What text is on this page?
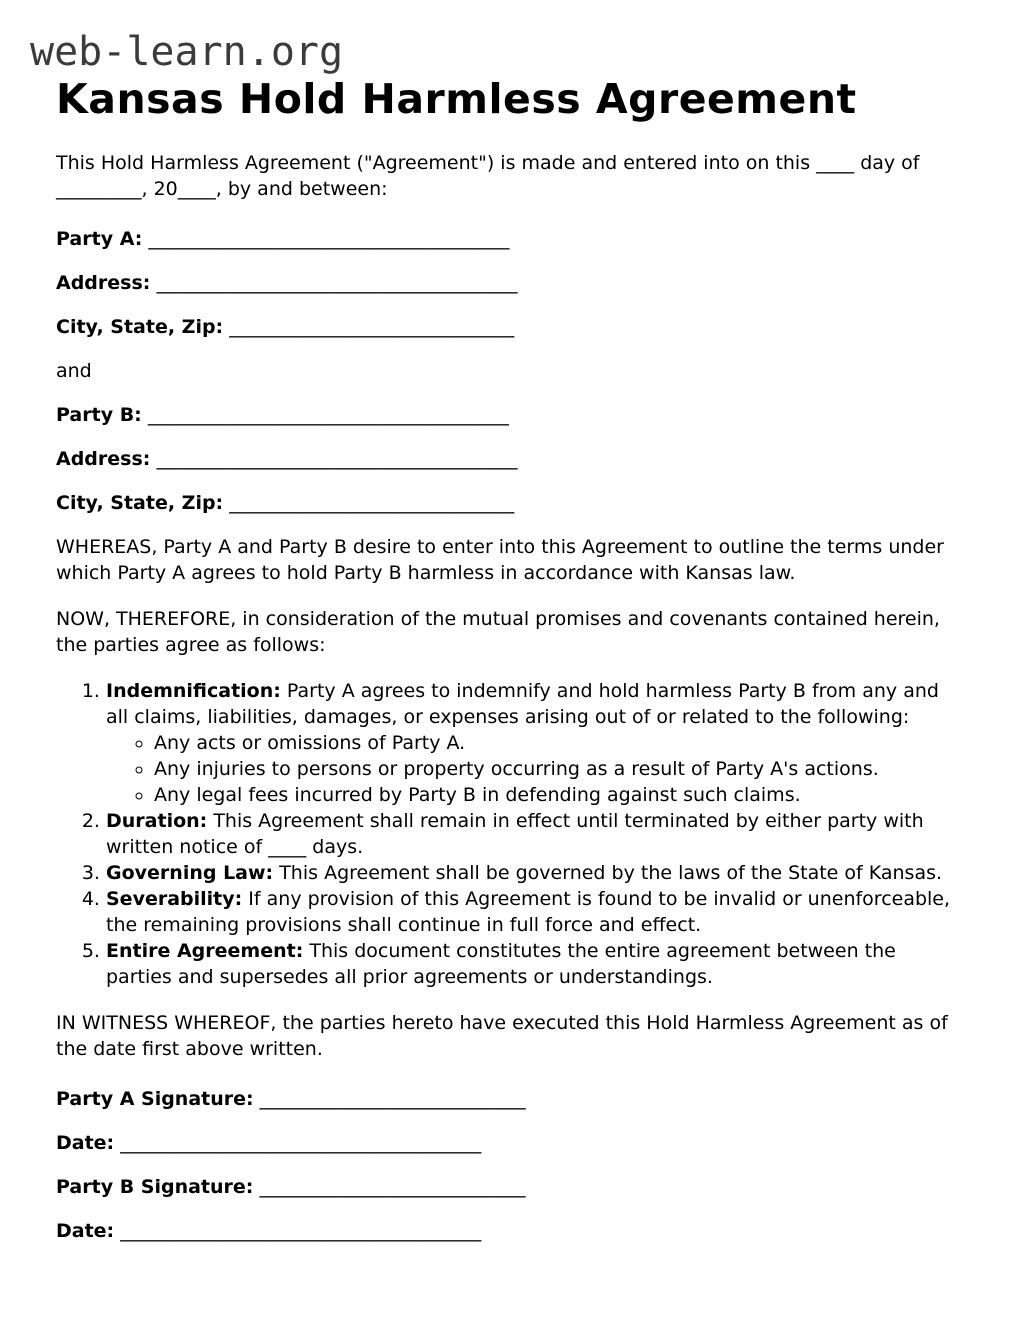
web-learn.org
Kansas Hold Harmless Agreement

This Hold Harmless Agreement ("Agreement") is made and entered into on this ____ day of _________, 20____, by and between:

Party A: ______________________________________

Address: ______________________________________

City, State, Zip: ______________________________

and

Party B: ______________________________________

Address: ______________________________________

City, State, Zip: ______________________________

WHEREAS, Party A and Party B desire to enter into this Agreement to outline the terms under which Party A agrees to hold Party B harmless in accordance with Kansas law.

NOW, THEREFORE, in consideration of the mutual promises and covenants contained herein, the parties agree as follows:

1. Indemnification: Party A agrees to indemnify and hold harmless Party B from any and all claims, liabilities, damages, or expenses arising out of or related to the following:
◦ Any acts or omissions of Party A.
◦ Any injuries to persons or property occurring as a result of Party A's actions.
◦ Any legal fees incurred by Party B in defending against such claims.
2. Duration: This Agreement shall remain in effect until terminated by either party with written notice of ____ days.
3. Governing Law: This Agreement shall be governed by the laws of the State of Kansas.
4. Severability: If any provision of this Agreement is found to be invalid or unenforceable, the remaining provisions shall continue in full force and effect.
5. Entire Agreement: This document constitutes the entire agreement between the parties and supersedes all prior agreements or understandings.

IN WITNESS WHEREOF, the parties hereto have executed this Hold Harmless Agreement as of the date first above written.

Party A Signature: ____________________________

Date: ______________________________________

Party B Signature: ____________________________

Date: ______________________________________
